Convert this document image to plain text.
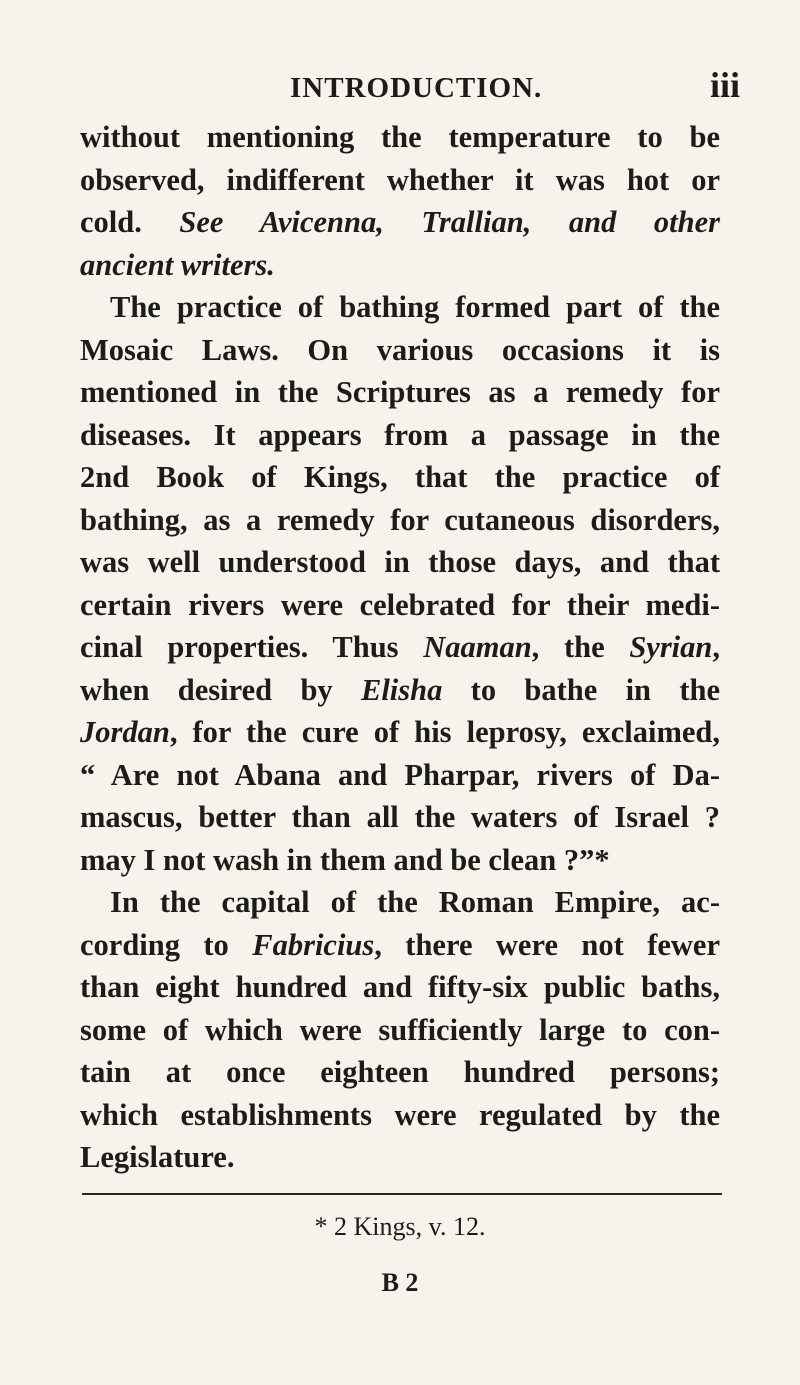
INTRODUCTION.	iii
without mentioning the temperature to be
observed, indifferent whether it was hot or
cold. See Avicenna, Trallian, and other
ancient writers.
The practice of bathing formed part of the
Mosaic Laws. On various occasions it is
mentioned in the Scriptures as a remedy for
diseases. It appears from a passage in the
2nd Book of Kings, that the practice of
bathing, as a remedy for cutaneous disorders,
was well understood in those days, and that
certain rivers were celebrated for their medi-
cinal properties. Thus Naaman, the Syrian,
when desired by Elisha to bathe in the
Jordan, for the cure of his leprosy, exclaimed,
“ Are not Abana and Pharpar, rivers of Da-
mascus, better than all the waters of Israel ?
may I not wash in them and be clean ?”*
In the capital of the Roman Empire, ac-
cording to Fabricius, there were not fewer
than eight hundred and fifty-six public baths,
some of which were sufficiently large to con-
tain at once eighteen hundred persons;
which establishments were regulated by the
Legislature.
* 2 Kings, v. 12.
B 2
